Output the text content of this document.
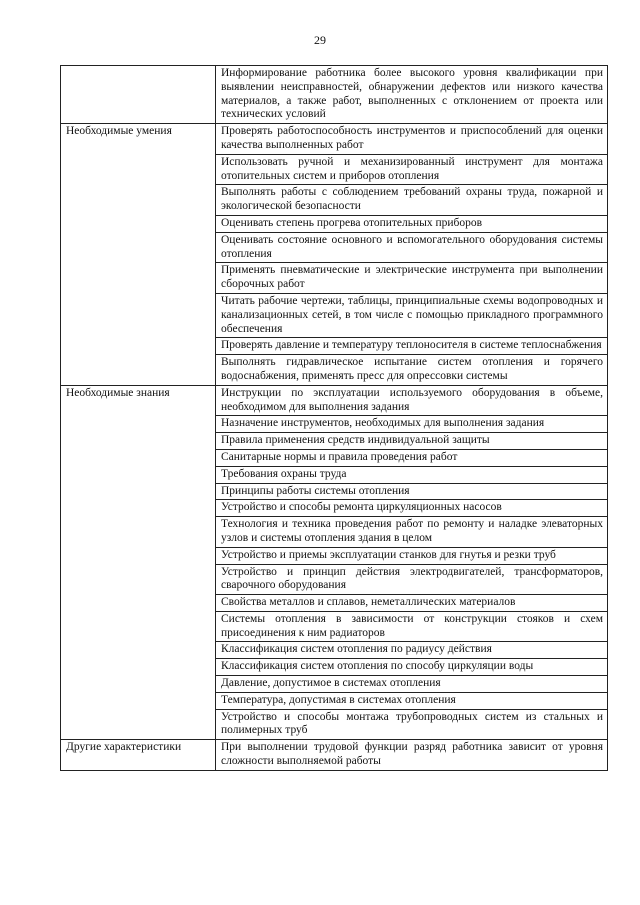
29
	Информирование работника более высокого уровня квалификации при выявлении неисправностей, обнаружении дефектов или низкого качества материалов, а также работ, выполненных с отклонением от проекта или технических условий
Необходимые умения	Проверять работоспособность инструментов и приспособлений для оценки качества выполненных работ
	Использовать ручной и механизированный инструмент для монтажа отопительных систем и приборов отопления
	Выполнять работы с соблюдением требований охраны труда, пожарной и экологической безопасности
	Оценивать степень прогрева отопительных приборов
	Оценивать состояние основного и вспомогательного оборудования системы отопления
	Применять пневматические и электрические инструмента при выполнении сборочных работ
	Читать рабочие чертежи, таблицы, принципиальные схемы водопроводных и канализационных сетей, в том числе с помощью прикладного программного обеспечения
	Проверять давление и температуру теплоносителя в системе теплоснабжения
	Выполнять гидравлическое испытание систем отопления и горячего водоснабжения, применять пресс для опрессовки системы
Необходимые знания	Инструкции по эксплуатации используемого оборудования в объеме, необходимом для выполнения задания
	Назначение инструментов, необходимых для выполнения задания
	Правила применения средств индивидуальной защиты
	Санитарные нормы и правила проведения работ
	Требования охраны труда
	Принципы работы системы отопления
	Устройство и способы ремонта циркуляционных насосов
	Технология и техника проведения работ по ремонту и наладке элеваторных узлов и системы отопления здания в целом
	Устройство и приемы эксплуатации станков для гнутья и резки труб
	Устройство и принцип действия электродвигателей, трансформаторов, сварочного оборудования
	Свойства металлов и сплавов, неметаллических материалов
	Системы отопления в зависимости от конструкции стояков и схем присоединения к ним радиаторов
	Классификация систем отопления по радиусу действия
	Классификация систем отопления по способу циркуляции воды
	Давление, допустимое в системах отопления
	Температура, допустимая в системах отопления
	Устройство и способы монтажа трубопроводных систем из стальных и полимерных труб
Другие характеристики	При выполнении трудовой функции разряд работника зависит от уровня сложности выполняемой работы
